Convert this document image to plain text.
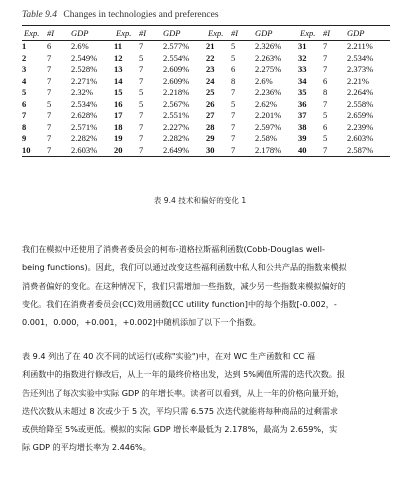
Table 9.4 Changes in technologies and preferences
Exp.	#I	GDP	Exp.	#I	GDP	Exp.	#I	GDP	Exp.	#I	GDP
1	6	2.6%	11	7	2.577%	21	5	2.326%	31	7	2.211%
2	7	2.549%	12	5	2.554%	22	5	2.263%	32	7	2.534%
3	7	2.528%	13	7	2.609%	23	6	2.275%	33	7	2.373%
4	7	2.271%	14	7	2.609%	24	8	2.6%	34	6	2.21%
5	7	2.32%	15	5	2.218%	25	7	2.236%	35	8	2.264%
6	5	2.534%	16	5	2.567%	26	5	2.62%	36	7	2.558%
7	7	2.628%	17	7	2.551%	27	7	2.201%	37	5	2.659%
8	7	2.571%	18	7	2.227%	28	7	2.597%	38	6	2.239%
9	7	2.282%	19	7	2.282%	29	7	2.58%	39	5	2.603%
10	7	2.603%	20	7	2.649%	30	7	2.178%	40	7	2.587%
表 9.4 技术和偏好的变化 1
我们在模拟中还使用了消费者委员会的柯布-道格拉斯福利函数(Cobb-Douglas well-
being functions)。因此，我们可以通过改变这些福利函数中私人和公共产品的指数来模拟
消费者偏好的变化。在这种情况下，我们只需增加一些指数，减少另一些指数来模拟偏好的
变化。我们在消费者委员会(CC)效用函数[CC utility function]中的每个指数[-0.002，-
0.001，0.000，+0.001，+0.002]中随机添加了以下一个指数。
表 9.4 列出了在 40 次不同的试运行(或称"实验")中，在对 WC 生产函数和 CC 福
利函数中的指数进行修改后，从上一年的最终价格出发，达到 5%阈值所需的迭代次数。报
告还列出了每次实验中实际 GDP 的年增长率。读者可以看到，从上一年的价格向量开始，
迭代次数从未超过 8 次或少于 5 次，平均只需 6.575 次迭代就能将每种商品的过剩需求
或供给降至 5%或更低。模拟的实际 GDP 增长率最低为 2.178%，最高为 2.659%，实
际 GDP 的平均增长率为 2.446%。
